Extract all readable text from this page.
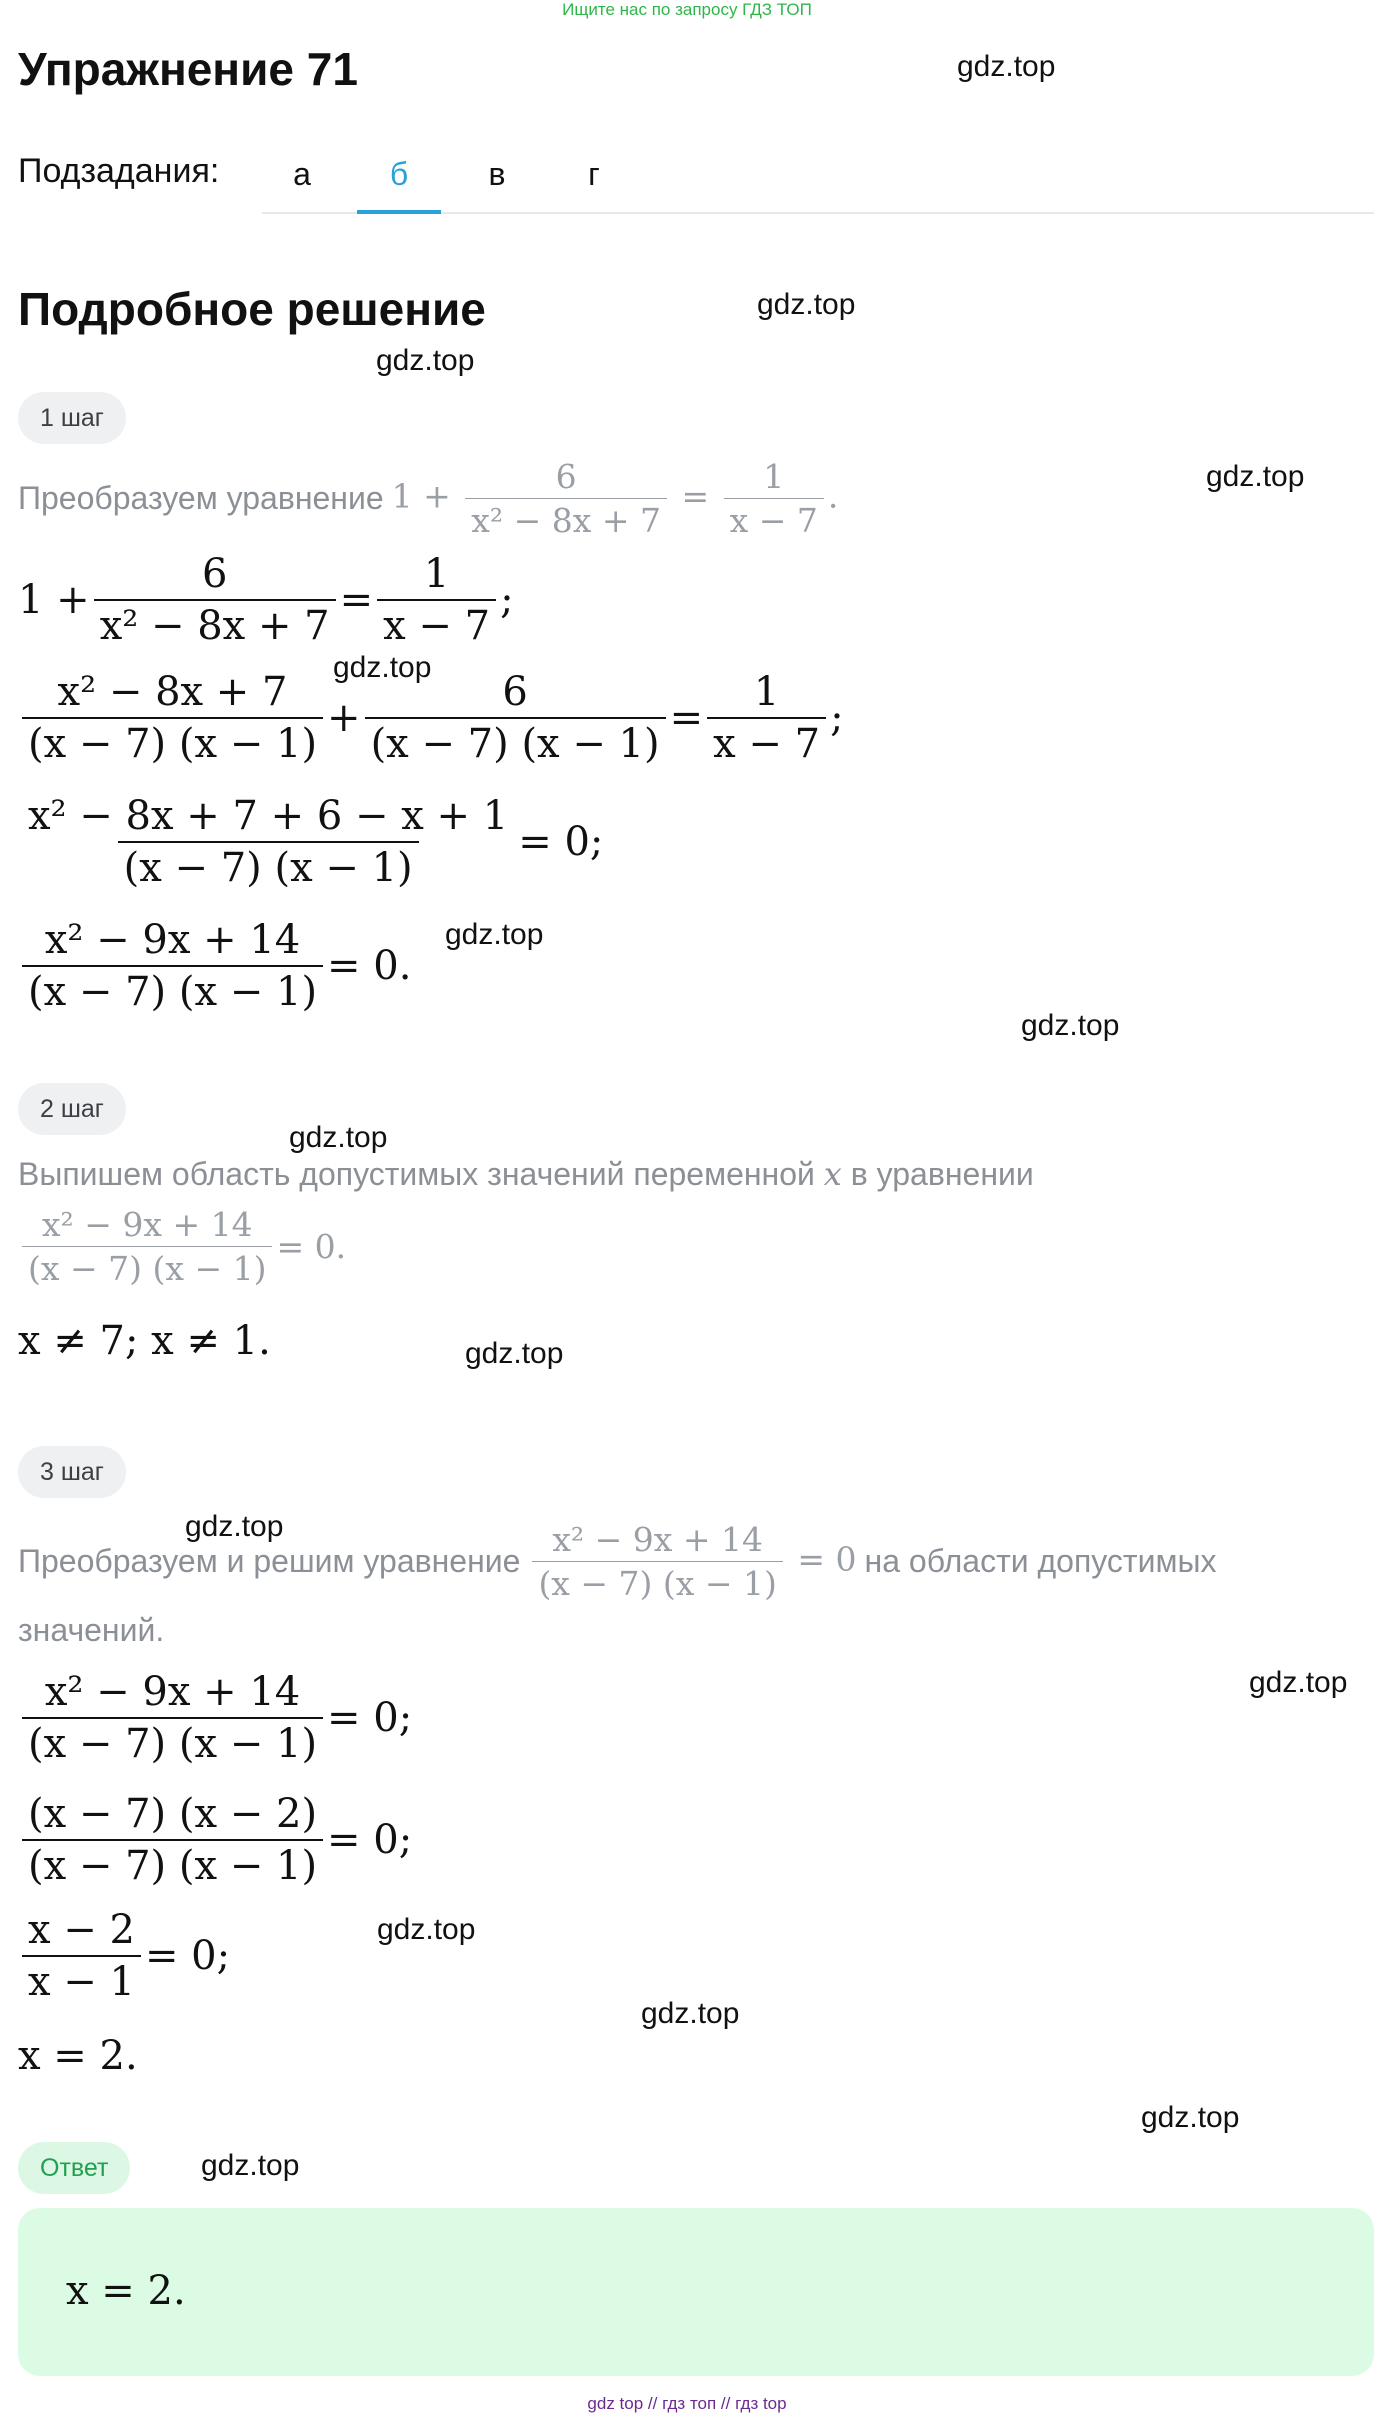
Ищите нас по запросу ГДЗ ТОП
Упражнение 71	gdz.top
Подзадания:	а	б	в	г
Подробное решение	gdz.top
gdz.top
1 шаг
gdz.top
Преобразуем уравнение $1 + \frac{6}{\text{x² − 8x + 7}} = \frac{1}{x - 7}$ .
$1 + \frac{6}{\text{x² − 8x + 7}} = \frac{1}{x - 7}$ ;
gdz.top
$\frac{\text{x² − 8x + 7}}{(x - 7) (x - 1)} + \frac{6}{(x - 7) (x - 1)} = \frac{1}{x - 7}$ ;
$\frac{\text{x² − 8x + 7 + 6 − x + 1}}{(x - 7) (x - 1)} = 0$;
$\frac{\text{x² − 9x + 14}}{(x - 7) (x - 1)} = 0$.
gdz.top
gdz.top
2 шаг
gdz.top
Выпишем область допустимых значений переменной x в уравнении
$\frac{\text{x² − 9x + 14}}{(x - 7) (x - 1)} = 0$.
x ≠ 7; x ≠ 1.	gdz.top
3 шаг
gdz.top
Преобразуем и решим уравнение $\frac{\text{x² − 9x + 14}}{(x - 7) (x - 1)} = 0$ на области допустимых
значений.
gdz.top
$\frac{\text{x² − 9x + 14}}{(x - 7) (x - 1)} = 0$;
$\frac{(x - 7) (x - 2)}{(x - 7) (x - 1)} = 0$;
$\frac{x - 2}{x - 1} = 0$;
gdz.top
gdz.top
x = 2.
gdz.top
Ответ	gdz.top
x = 2.
gdz top // гдз топ // гдз top
